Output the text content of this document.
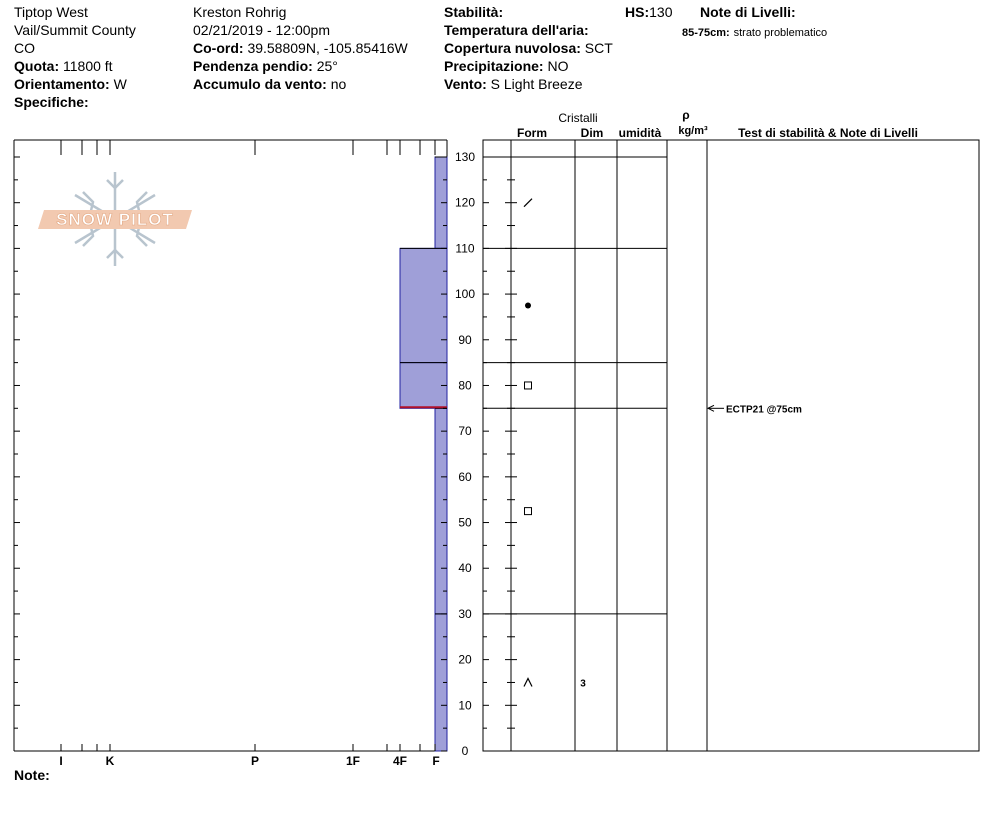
Tiptop West
Vail/Summit County
CO
Quota: 11800 ft
Orientamento: W
Specifiche:
Kreston Rohrig
02/21/2019 - 12:00pm
Co-ord: 39.58809N, -105.85416W
Pendenza pendio: 25°
Accumulo da vento: no
Stabilità:
Temperatura dell'aria:
Copertura nuvolosa: SCT
Precipitazione: NO
Vento: S Light Breeze
HS:130 Note di Livelli:
85-75cm: strato problematico
Note:
SNOW PILOT
I	K	P	1F	4F F
0
10
20
30
40
50
60
70
80
90
100
110
120
130
3
ECTP21 @75cm
Cristalli
Form	Dim umidità
ρ
kg/m³	Test di stabilità & Note di Livelli
